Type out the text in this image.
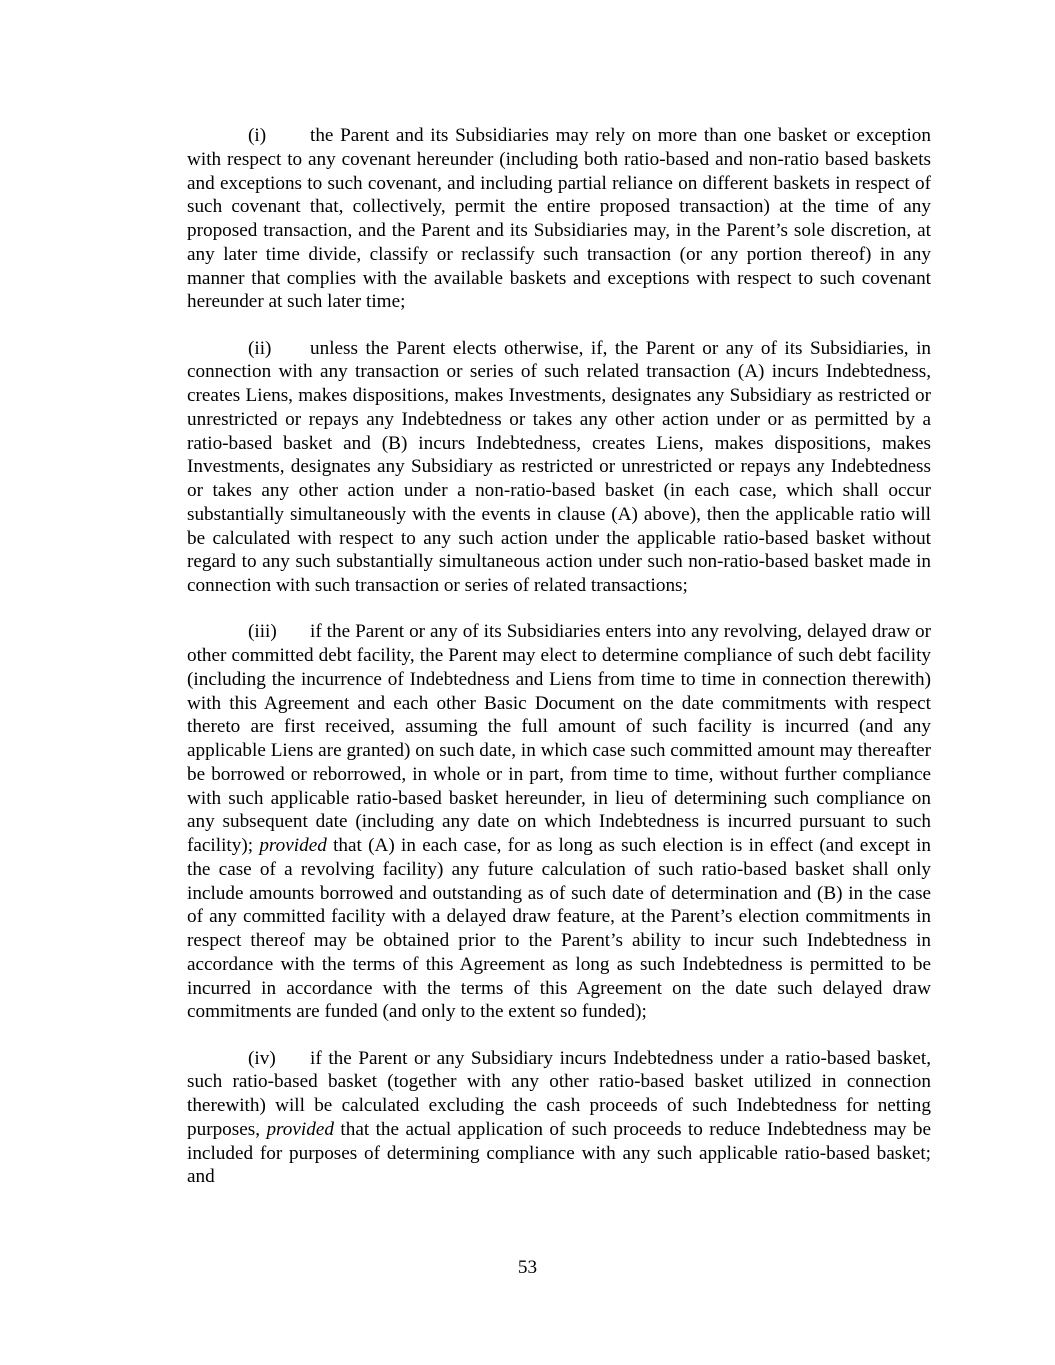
(i) the Parent and its Subsidiaries may rely on more than one basket or exception with respect to any covenant hereunder (including both ratio-based and non-ratio based baskets and exceptions to such covenant, and including partial reliance on different baskets in respect of such covenant that, collectively, permit the entire proposed transaction) at the time of any proposed transaction, and the Parent and its Subsidiaries may, in the Parent’s sole discretion, at any later time divide, classify or reclassify such transaction (or any portion thereof) in any manner that complies with the available baskets and exceptions with respect to such covenant hereunder at such later time;

(ii) unless the Parent elects otherwise, if, the Parent or any of its Subsidiaries, in connection with any transaction or series of such related transaction (A) incurs Indebtedness, creates Liens, makes dispositions, makes Investments, designates any Subsidiary as restricted or unrestricted or repays any Indebtedness or takes any other action under or as permitted by a ratio-based basket and (B) incurs Indebtedness, creates Liens, makes dispositions, makes Investments, designates any Subsidiary as restricted or unrestricted or repays any Indebtedness or takes any other action under a non-ratio-based basket (in each case, which shall occur substantially simultaneously with the events in clause (A) above), then the applicable ratio will be calculated with respect to any such action under the applicable ratio-based basket without regard to any such substantially simultaneous action under such non-ratio-based basket made in connection with such transaction or series of related transactions;

(iii) if the Parent or any of its Subsidiaries enters into any revolving, delayed draw or other committed debt facility, the Parent may elect to determine compliance of such debt facility (including the incurrence of Indebtedness and Liens from time to time in connection therewith) with this Agreement and each other Basic Document on the date commitments with respect thereto are first received, assuming the full amount of such facility is incurred (and any applicable Liens are granted) on such date, in which case such committed amount may thereafter be borrowed or reborrowed, in whole or in part, from time to time, without further compliance with such applicable ratio-based basket hereunder, in lieu of determining such compliance on any subsequent date (including any date on which Indebtedness is incurred pursuant to such facility); provided that (A) in each case, for as long as such election is in effect (and except in the case of a revolving facility) any future calculation of such ratio-based basket shall only include amounts borrowed and outstanding as of such date of determination and (B) in the case of any committed facility with a delayed draw feature, at the Parent’s election commitments in respect thereof may be obtained prior to the Parent’s ability to incur such Indebtedness in accordance with the terms of this Agreement as long as such Indebtedness is permitted to be incurred in accordance with the terms of this Agreement on the date such delayed draw commitments are funded (and only to the extent so funded);

(iv) if the Parent or any Subsidiary incurs Indebtedness under a ratio-based basket, such ratio-based basket (together with any other ratio-based basket utilized in connection therewith) will be calculated excluding the cash proceeds of such Indebtedness for netting purposes, provided that the actual application of such proceeds to reduce Indebtedness may be included for purposes of determining compliance with any such applicable ratio-based basket; and

53
